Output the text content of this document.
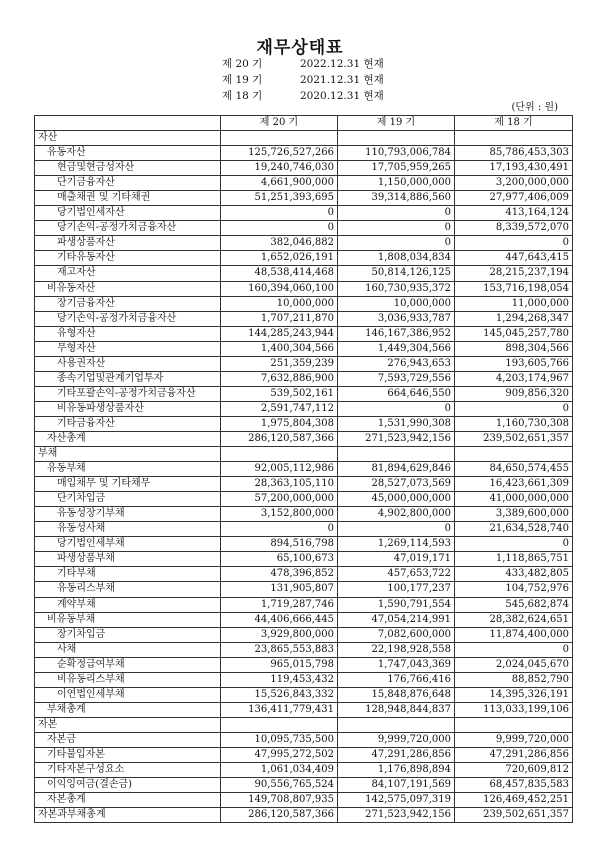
재무상태표
제 20 기	2022.12.31 현재
제 19 기	2021.12.31 현재
제 18 기	2020.12.31 현재
(단위 : 원)
	제 20 기	제 19 기	제 18 기
자산			
유동자산	125,726,527,266	110,793,006,784	85,786,453,303
현금및현금성자산	19,240,746,030	17,705,959,265	17,193,430,491
단기금융자산	4,661,900,000	1,150,000,000	3,200,000,000
매출채권 및 기타채권	51,251,393,695	39,314,886,560	27,977,406,009
당기법인세자산	0	0	413,164,124
당기손익-공정가치금융자산	0	0	8,339,572,070
파생상품자산	382,046,882	0	0
기타유동자산	1,652,026,191	1,808,034,834	447,643,415
재고자산	48,538,414,468	50,814,126,125	28,215,237,194
비유동자산	160,394,060,100	160,730,935,372	153,716,198,054
장기금융자산	10,000,000	10,000,000	11,000,000
당기손익-공정가치금융자산	1,707,211,870	3,036,933,787	1,294,268,347
유형자산	144,285,243,944	146,167,386,952	145,045,257,780
무형자산	1,400,304,566	1,449,304,566	898,304,566
사용권자산	251,359,239	276,943,653	193,605,766
종속기업및관계기업투자	7,632,886,900	7,593,729,556	4,203,174,967
기타포괄손익-공정가치금융자산	539,502,161	664,646,550	909,856,320
비유동파생상품자산	2,591,747,112	0	0
기타금융자산	1,975,804,308	1,531,990,308	1,160,730,308
자산총계	286,120,587,366	271,523,942,156	239,502,651,357
부채			
유동부채	92,005,112,986	81,894,629,846	84,650,574,455
매입채무 및 기타채무	28,363,105,110	28,527,073,569	16,423,661,309
단기차입금	57,200,000,000	45,000,000,000	41,000,000,000
유동성장기부채	3,152,800,000	4,902,800,000	3,389,600,000
유동성사채	0	0	21,634,528,740
당기법인세부채	894,516,798	1,269,114,593	0
파생상품부채	65,100,673	47,019,171	1,118,865,751
기타부채	478,396,852	457,653,722	433,482,805
유동리스부채	131,905,807	100,177,237	104,752,976
계약부채	1,719,287,746	1,590,791,554	545,682,874
비유동부채	44,406,666,445	47,054,214,991	28,382,624,651
장기차입금	3,929,800,000	7,082,600,000	11,874,400,000
사채	23,865,553,883	22,198,928,558	0
순확정급여부채	965,015,798	1,747,043,369	2,024,045,670
비유동리스부채	119,453,432	176,766,416	88,852,790
이연법인세부채	15,526,843,332	15,848,876,648	14,395,326,191
부채총계	136,411,779,431	128,948,844,837	113,033,199,106
자본			
자본금	10,095,735,500	9,999,720,000	9,999,720,000
기타불입자본	47,995,272,502	47,291,286,856	47,291,286,856
기타자본구성요소	1,061,034,409	1,176,898,894	720,609,812
이익잉여금(결손금)	90,556,765,524	84,107,191,569	68,457,835,583
자본총계	149,708,807,935	142,575,097,319	126,469,452,251
자본과부채총계	286,120,587,366	271,523,942,156	239,502,651,357
